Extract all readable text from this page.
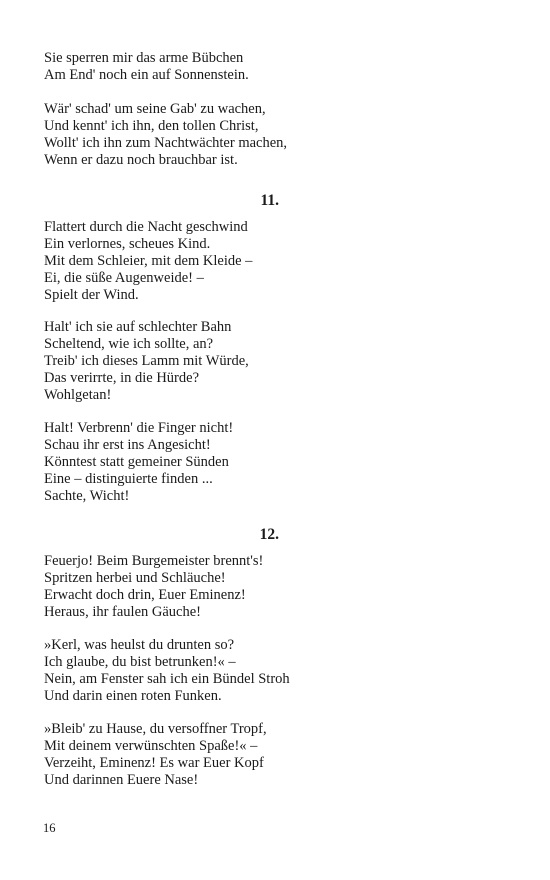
Sie sperren mir das arme Bübchen
Am End' noch ein auf Sonnenstein.
Wär' schad' um seine Gab' zu wachen,
Und kennt' ich ihn, den tollen Christ,
Wollt' ich ihn zum Nachtwächter machen,
Wenn er dazu noch brauchbar ist.
11.
Flattert durch die Nacht geschwind
Ein verlornes, scheues Kind.
Mit dem Schleier, mit dem Kleide –
Ei, die süße Augenweide! –
Spielt der Wind.
Halt' ich sie auf schlechter Bahn
Scheltend, wie ich sollte, an?
Treib' ich dieses Lamm mit Würde,
Das verirrte, in die Hürde?
Wohlgetan!
Halt! Verbrenn' die Finger nicht!
Schau ihr erst ins Angesicht!
Könntest statt gemeiner Sünden
Eine – distinguierte finden ...
Sachte, Wicht!
12.
Feuerjo! Beim Burgemeister brennt's!
Spritzen herbei und Schläuche!
Erwacht doch drin, Euer Eminenz!
Heraus, ihr faulen Gäuche!
»Kerl, was heulst du drunten so?
Ich glaube, du bist betrunken!« –
Nein, am Fenster sah ich ein Bündel Stroh
Und darin einen roten Funken.
»Bleib' zu Hause, du versoffner Tropf,
Mit deinem verwünschten Spaße!« –
Verzeiht, Eminenz! Es war Euer Kopf
Und darinnen Euere Nase!
16
